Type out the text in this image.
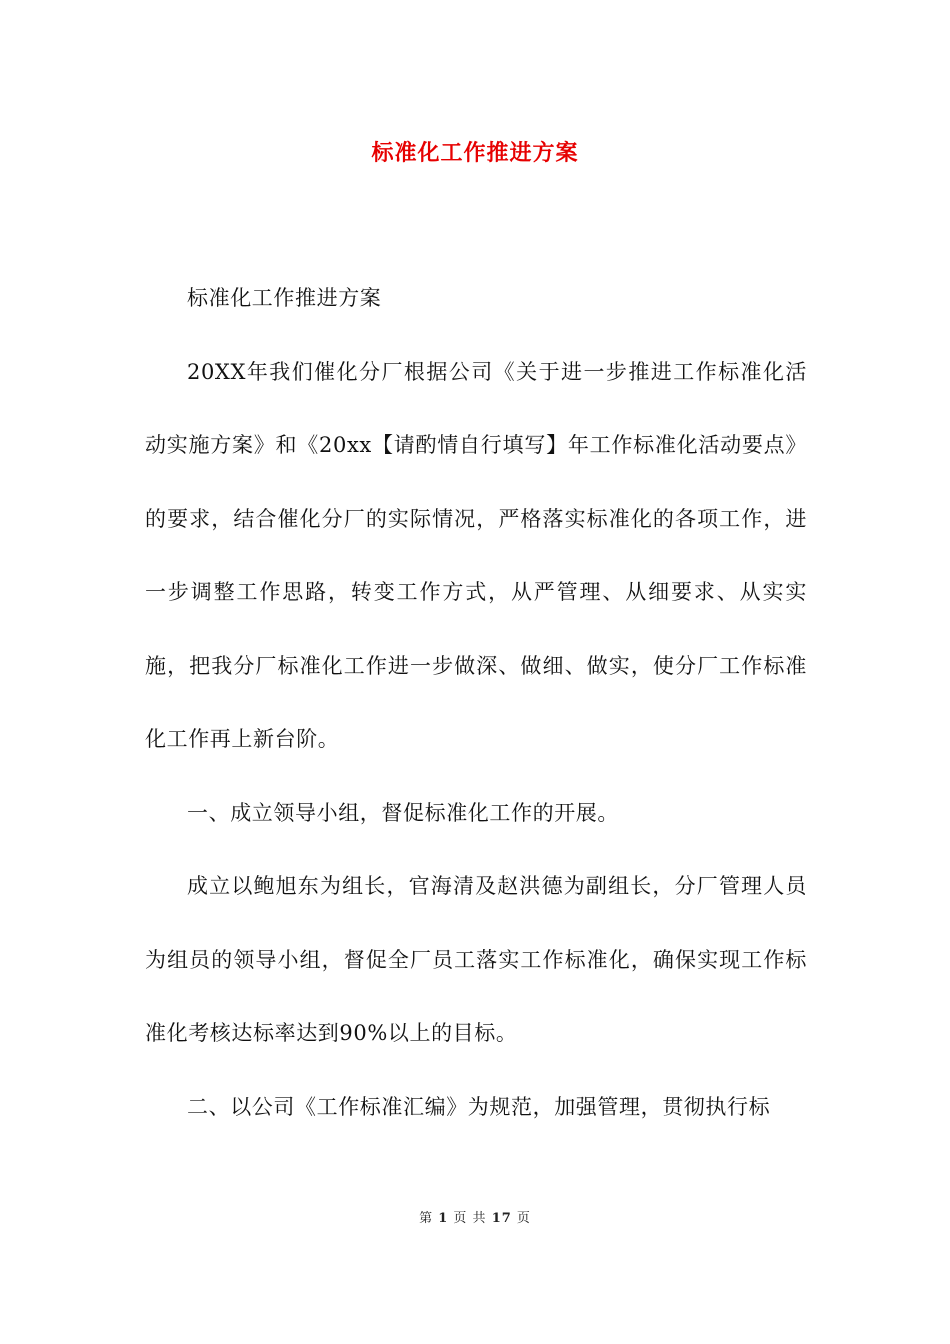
标准化工作推进方案

标准化工作推进方案

20XX年我们催化分厂根据公司《关于进一步推进工作标准化活动实施方案》和《20xx【请酌情自行填写】年工作标准化活动要点》的要求，结合催化分厂的实际情况，严格落实标准化的各项工作，进一步调整工作思路，转变工作方式，从严管理、从细要求、从实实施，把我分厂标准化工作进一步做深、做细、做实，使分厂工作标准化工作再上新台阶。

一、成立领导小组，督促标准化工作的开展。

成立以鲍旭东为组长，官海清及赵洪德为副组长，分厂管理人员为组员的领导小组，督促全厂员工落实工作标准化，确保实现工作标准化考核达标率达到90%以上的目标。

二、以公司《工作标准汇编》为规范，加强管理，贯彻执行标

第 1 页 共 17 页
